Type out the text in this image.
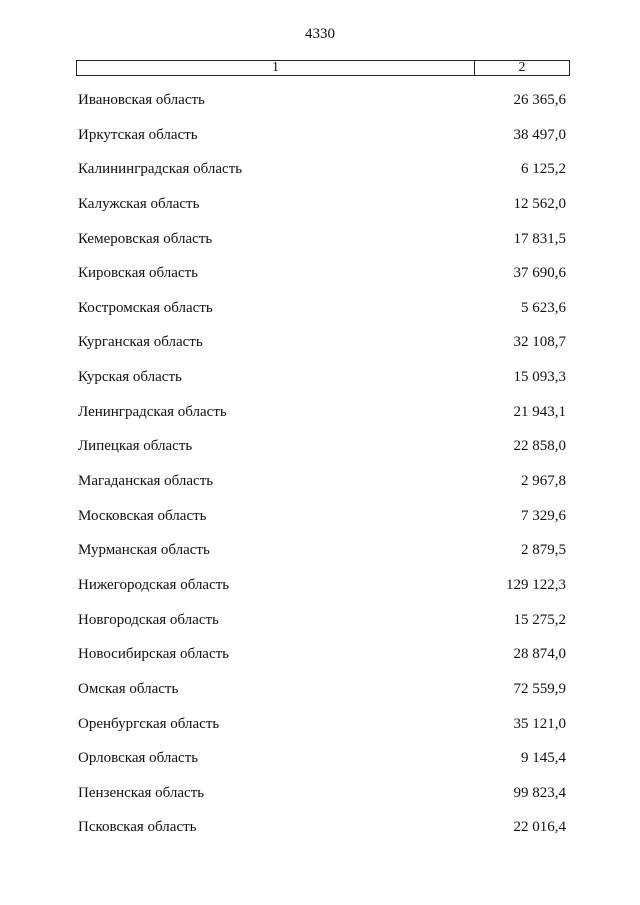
4330
1	2
Ивановская область	26 365,6
Иркутская область	38 497,0
Калининградская область	6 125,2
Калужская область	12 562,0
Кемеровская область	17 831,5
Кировская область	37 690,6
Костромская область	5 623,6
Курганская область	32 108,7
Курская область	15 093,3
Ленинградская область	21 943,1
Липецкая область	22 858,0
Магаданская область	2 967,8
Московская область	7 329,6
Мурманская область	2 879,5
Нижегородская область	129 122,3
Новгородская область	15 275,2
Новосибирская область	28 874,0
Омская область	72 559,9
Оренбургская область	35 121,0
Орловская область	9 145,4
Пензенская область	99 823,4
Псковская область	22 016,4
